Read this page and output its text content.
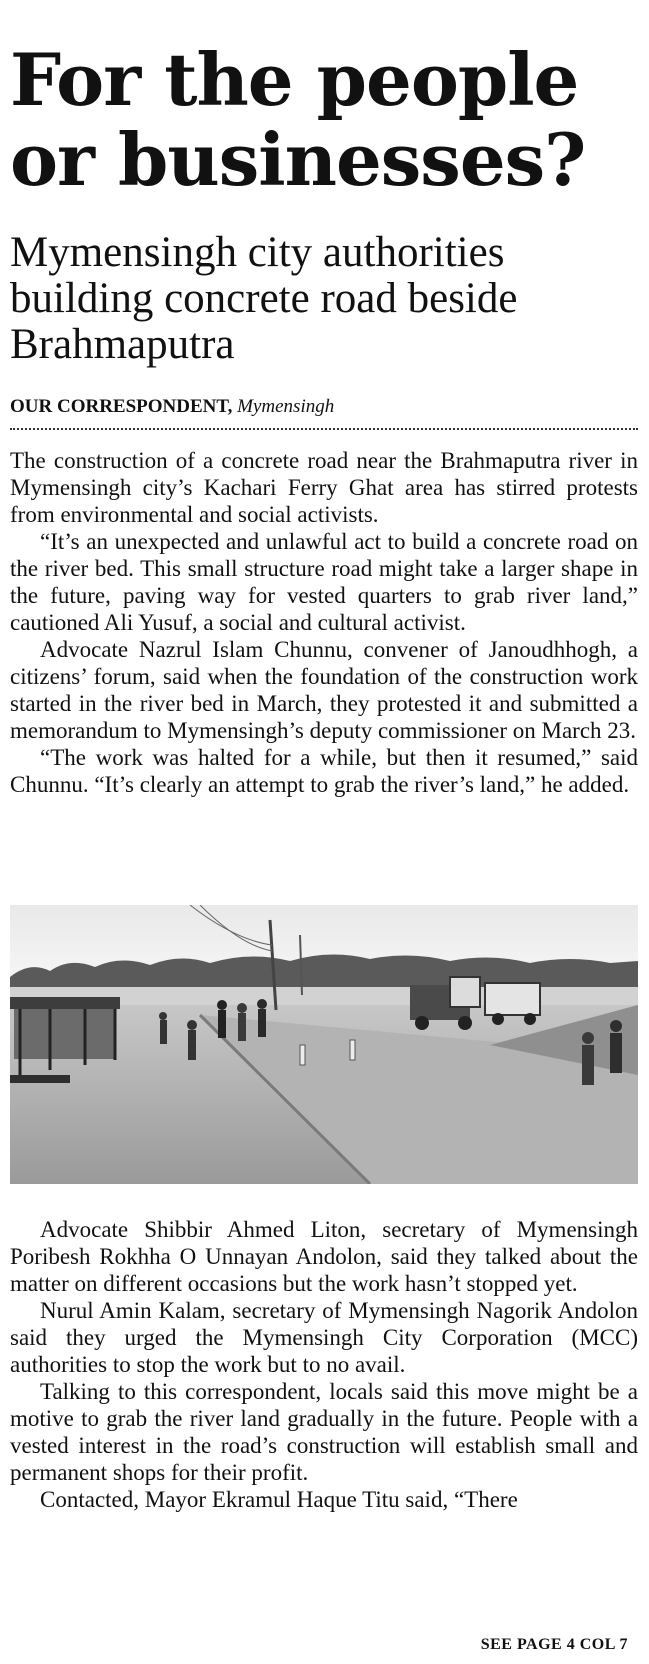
For the people
or businesses?
Mymensingh city authorities
building concrete road beside
Brahmaputra
OUR CORRESPONDENT, Mymensingh

The construction of a concrete road near the Brahmaputra river in Mymensingh city’s Kachari Ferry Ghat area has stirred protests from environmental and social activists.

“It’s an unexpected and unlawful act to build a concrete road on the river bed. This small structure road might take a larger shape in the future, paving way for vested quarters to grab river land,” cautioned Ali Yusuf, a social and cultural activist.

Advocate Nazrul Islam Chunnu, convener of Janoudhhogh, a citizens’ forum, said when the foundation of the construction work started in the river bed in March, they protested it and submitted a memorandum to Mymensingh’s deputy commissioner on March 23.

“The work was halted for a while, but then it resumed,” said Chunnu. “It’s clearly an attempt to grab the river’s land,” he added.

Advocate Shibbir Ahmed Liton, secretary of Mymensingh Poribesh Rokhha O Unnayan Andolon, said they talked about the matter on different occasions but the work hasn’t stopped yet.

Nurul Amin Kalam, secretary of Mymensingh Nagorik Andolon said they urged the Mymensingh City Corporation (MCC) authorities to stop the work but to no avail.

Talking to this correspondent, locals said this move might be a motive to grab the river land gradually in the future. People with a vested interest in the road’s construction will establish small and permanent shops for their profit.

Contacted, Mayor Ekramul Haque Titu said, “There

SEE PAGE 4 COL 7
